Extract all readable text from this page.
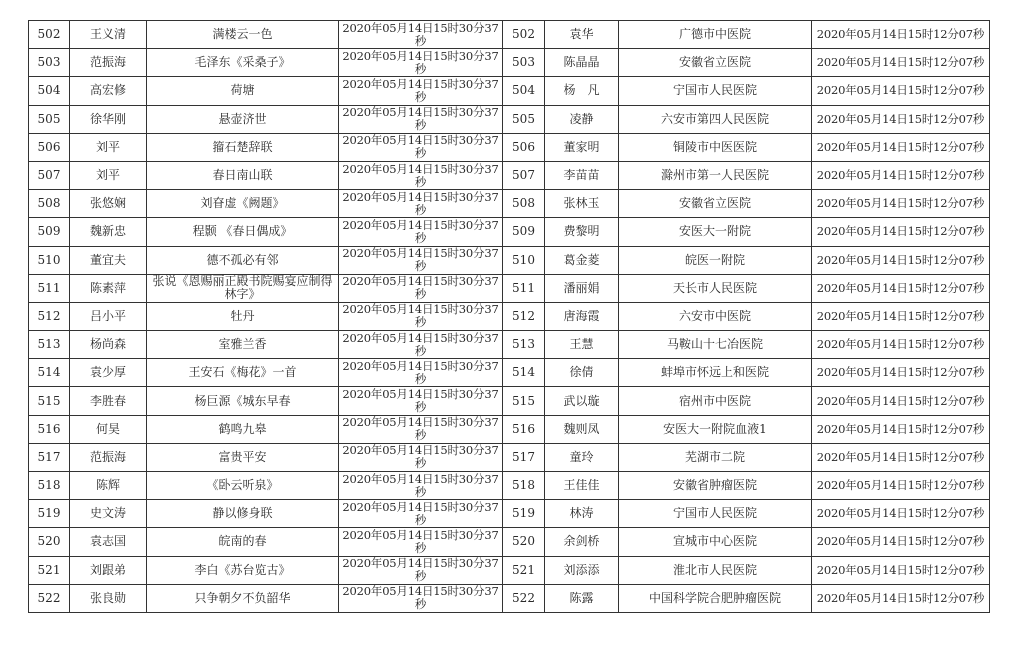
502	王义清	满楼云一色	2020年05月14日15时30分37秒	502	袁华	广德市中医院	2020年05月14日15时12分07秒
503	范振海	毛泽东《采桑子》	2020年05月14日15时30分37秒	503	陈晶晶	安徽省立医院	2020年05月14日15时12分07秒
504	高宏修	荷塘	2020年05月14日15时30分37秒	504	杨　凡	宁国市人民医院	2020年05月14日15时12分07秒
505	徐华刚	悬壶济世	2020年05月14日15时30分37秒	505	凌静	六安市第四人民医院	2020年05月14日15时12分07秒
506	刘平	籀石楚辞联	2020年05月14日15时30分37秒	506	董家明	铜陵市中医医院	2020年05月14日15时12分07秒
507	刘平	春日南山联	2020年05月14日15时30分37秒	507	李苗苗	滁州市第一人民医院	2020年05月14日15时12分07秒
508	张悠娴	刘眘虚《阙题》	2020年05月14日15时30分37秒	508	张林玉	安徽省立医院	2020年05月14日15时12分07秒
509	魏新忠	程颢 《春日偶成》	2020年05月14日15时30分37秒	509	费黎明	安医大一附院	2020年05月14日15时12分07秒
510	董宜夫	德不孤必有邻	2020年05月14日15时30分37秒	510	葛金菱	皖医一附院	2020年05月14日15时12分07秒
511	陈素萍	张说《恩赐丽正殿书院赐宴应制得林字》	2020年05月14日15时30分37秒	511	潘丽娟	天长市人民医院	2020年05月14日15时12分07秒
512	吕小平	牡丹	2020年05月14日15时30分37秒	512	唐海霞	六安市中医院	2020年05月14日15时12分07秒
513	杨尚森	室雅兰香	2020年05月14日15时30分37秒	513	王慧	马鞍山十七冶医院	2020年05月14日15时12分07秒
514	袁少厚	王安石《梅花》一首	2020年05月14日15时30分37秒	514	徐倩	蚌埠市怀远上和医院	2020年05月14日15时12分07秒
515	李胜春	杨巨源《城东早春	2020年05月14日15时30分37秒	515	武以璇	宿州市中医院	2020年05月14日15时12分07秒
516	何昊	鹤鸣九皋	2020年05月14日15时30分37秒	516	魏则凤	安医大一附院血液1	2020年05月14日15时12分07秒
517	范振海	富贵平安	2020年05月14日15时30分37秒	517	童玲	芜湖市二院	2020年05月14日15时12分07秒
518	陈辉	《卧云听泉》	2020年05月14日15时30分37秒	518	王佳佳	安徽省肿瘤医院	2020年05月14日15时12分07秒
519	史文涛	静以修身联	2020年05月14日15时30分37秒	519	林涛	宁国市人民医院	2020年05月14日15时12分07秒
520	袁志国	皖南的春	2020年05月14日15时30分37秒	520	余剑桥	宣城市中心医院	2020年05月14日15时12分07秒
521	刘跟弟	李白《苏台览古》	2020年05月14日15时30分37秒	521	刘添添	淮北市人民医院	2020年05月14日15时12分07秒
522	张良勋	只争朝夕不负韶华	2020年05月14日15时30分37秒	522	陈露	中国科学院合肥肿瘤医院	2020年05月14日15时12分07秒
